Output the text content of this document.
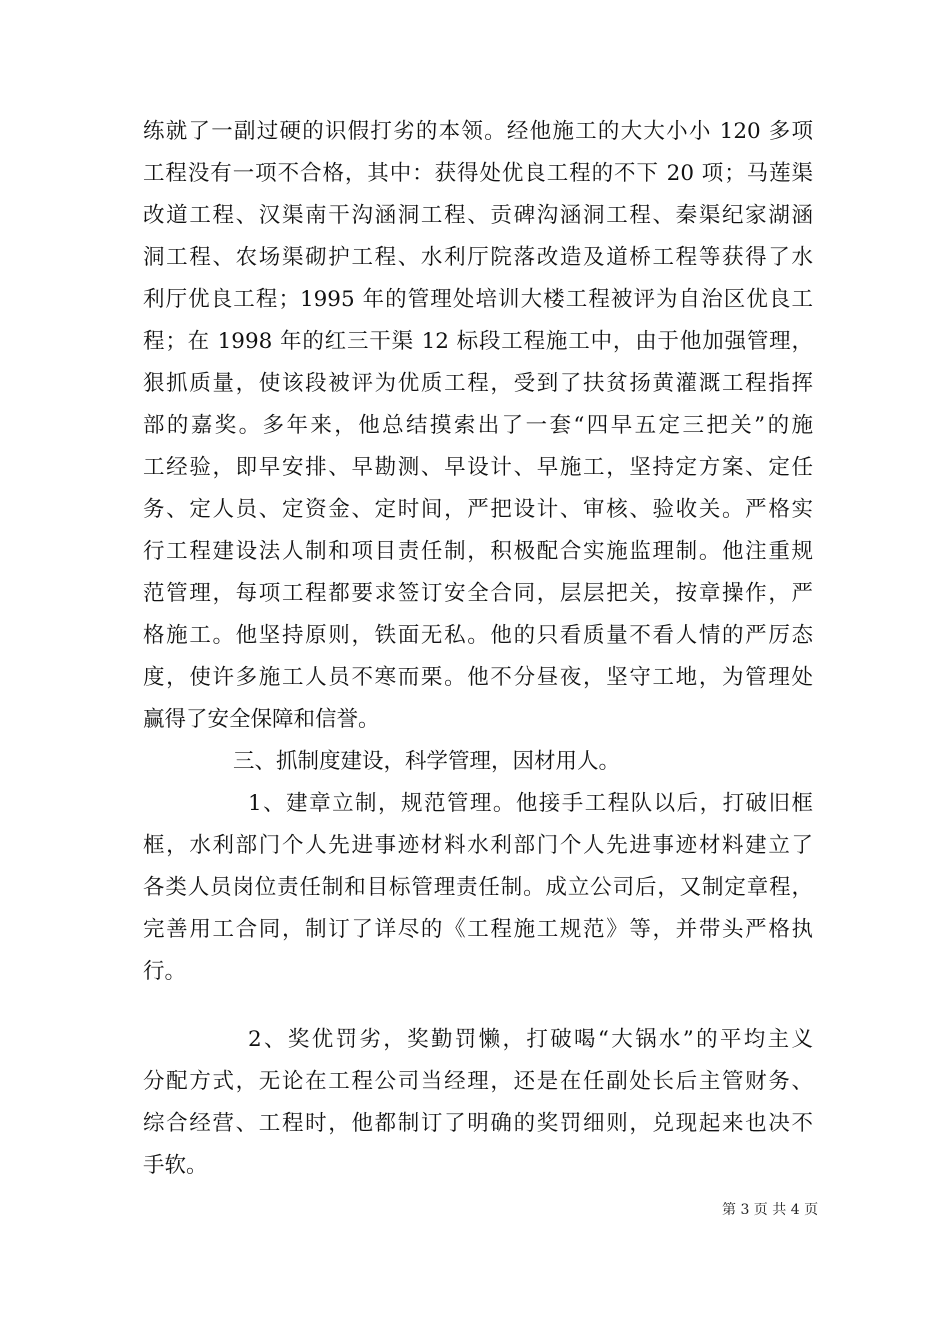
练就了一副过硬的识假打劣的本领。经他施工的大大小小 120 多项
工程没有一项不合格，其中：获得处优良工程的不下 20 项；马莲渠
改道工程、汉渠南干沟涵洞工程、贡碑沟涵洞工程、秦渠纪家湖涵
洞工程、农场渠砌护工程、水利厅院落改造及道桥工程等获得了水
利厅优良工程；1995 年的管理处培训大楼工程被评为自治区优良工
程；在 1998 年的红三干渠 12 标段工程施工中，由于他加强管理，
狠抓质量，使该段被评为优质工程，受到了扶贫扬黄灌溉工程指挥
部的嘉奖。多年来，他总结摸索出了一套“四早五定三把关”的施
工经验，即早安排、早勘测、早设计、早施工，坚持定方案、定任
务、定人员、定资金、定时间，严把设计、审核、验收关。严格实
行工程建设法人制和项目责任制，积极配合实施监理制。他注重规
范管理，每项工程都要求签订安全合同，层层把关，按章操作，严
格施工。他坚持原则，铁面无私。他的只看质量不看人情的严厉态
度，使许多施工人员不寒而栗。他不分昼夜，坚守工地，为管理处
赢得了安全保障和信誉。
三、抓制度建设，科学管理，因材用人。
1、建章立制，规范管理。他接手工程队以后，打破旧框
框，水利部门个人先进事迹材料水利部门个人先进事迹材料建立了
各类人员岗位责任制和目标管理责任制。成立公司后，又制定章程，
完善用工合同，制订了详尽的《工程施工规范》等，并带头严格执
行。
2、奖优罚劣，奖勤罚懒，打破喝“大锅水”的平均主义
分配方式，无论在工程公司当经理，还是在任副处长后主管财务、
综合经营、工程时，他都制订了明确的奖罚细则，兑现起来也决不
手软。
第 3 页 共 4 页
